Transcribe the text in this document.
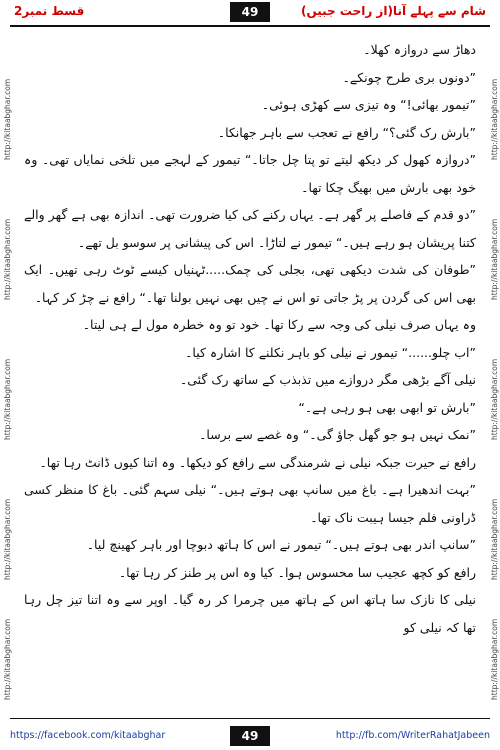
شام سے پہلے آنا(از راحت جبیں)
49
قسط نمبر2
http://kitaabghar.com
http://kitaabghar.com
http://kitaabghar.com
http://kitaabghar.com
http://kitaabghar.com
http://kitaabghar.com
http://kitaabghar.com
http://kitaabghar.com
http://kitaabghar.com
http://kitaabghar.com

دھاڑ سے دروازہ کھلا۔

”دونوں بری طرح چونکے۔

”تیمور بھائی!“ وہ تیزی سے کھڑی ہوئی۔

”بارش رک گئی؟“ رافع نے تعجب سے باہر جھانکا۔

”دروازہ کھول کر دیکھ لیتے تو پتا چل جاتا۔“ تیمور کے لہجے میں تلخی نمایاں تھی۔ وہ خود بھی بارش میں بھیگ چکا تھا۔

”دو قدم کے فاصلے پر گھر ہے۔ یہاں رکنے کی کیا ضرورت تھی۔ اندازہ بھی ہے گھر والے کتنا پریشان ہو رہے ہیں۔“ تیمور نے لتاڑا۔ اس کی پیشانی پر سوسو بل تھے۔

”طوفان کی شدت دیکھی تھی، بجلی کی چمک.....ٹہنیاں کیسے ٹوٹ رہی تھیں۔ ایک بھی اس کی گردن پر پڑ جاتی تو اس نے چیں بھی نہیں بولنا تھا۔“ رافع نے چڑ کر کہا۔

وہ یہاں صرف نیلی کی وجہ سے رکا تھا۔ خود تو وہ خطرہ مول لے ہی لیتا۔

”اب چلو......“ تیمور نے نیلی کو باہر نکلنے کا اشارہ کیا۔

نیلی آگے بڑھی مگر دروازے میں تذبذب کے ساتھ رک گئی۔

”بارش تو ابھی بھی ہو رہی ہے۔“

”نمک نہیں ہو جو گھل جاؤ گی۔“ وہ غصے سے برسا۔

رافع نے حیرت جبکہ نیلی نے شرمندگی سے رافع کو دیکھا۔ وہ اتنا کیوں ڈانٹ رہا تھا۔

”بہت اندھیرا ہے۔ باغ میں سانپ بھی ہوتے ہیں۔“ نیلی سہم گئی۔ باغ کا منظر کسی ڈراونی فلم جیسا ہیبت ناک تھا۔

”سانپ اندر بھی ہوتے ہیں۔“ تیمور نے اس کا ہاتھ دبوچا اور باہر کھینچ لیا۔

رافع کو کچھ عجیب سا محسوس ہوا۔ کیا وہ اس پر طنز کر رہا تھا۔

نیلی کا نازک سا ہاتھ اس کے ہاتھ میں چرمرا کر رہ گیا۔ اوپر سے وہ اتنا تیز چل رہا تھا کہ نیلی کو

https://facebook.com/kitaabghar	49	http://fb.com/WriterRahatJabeen
